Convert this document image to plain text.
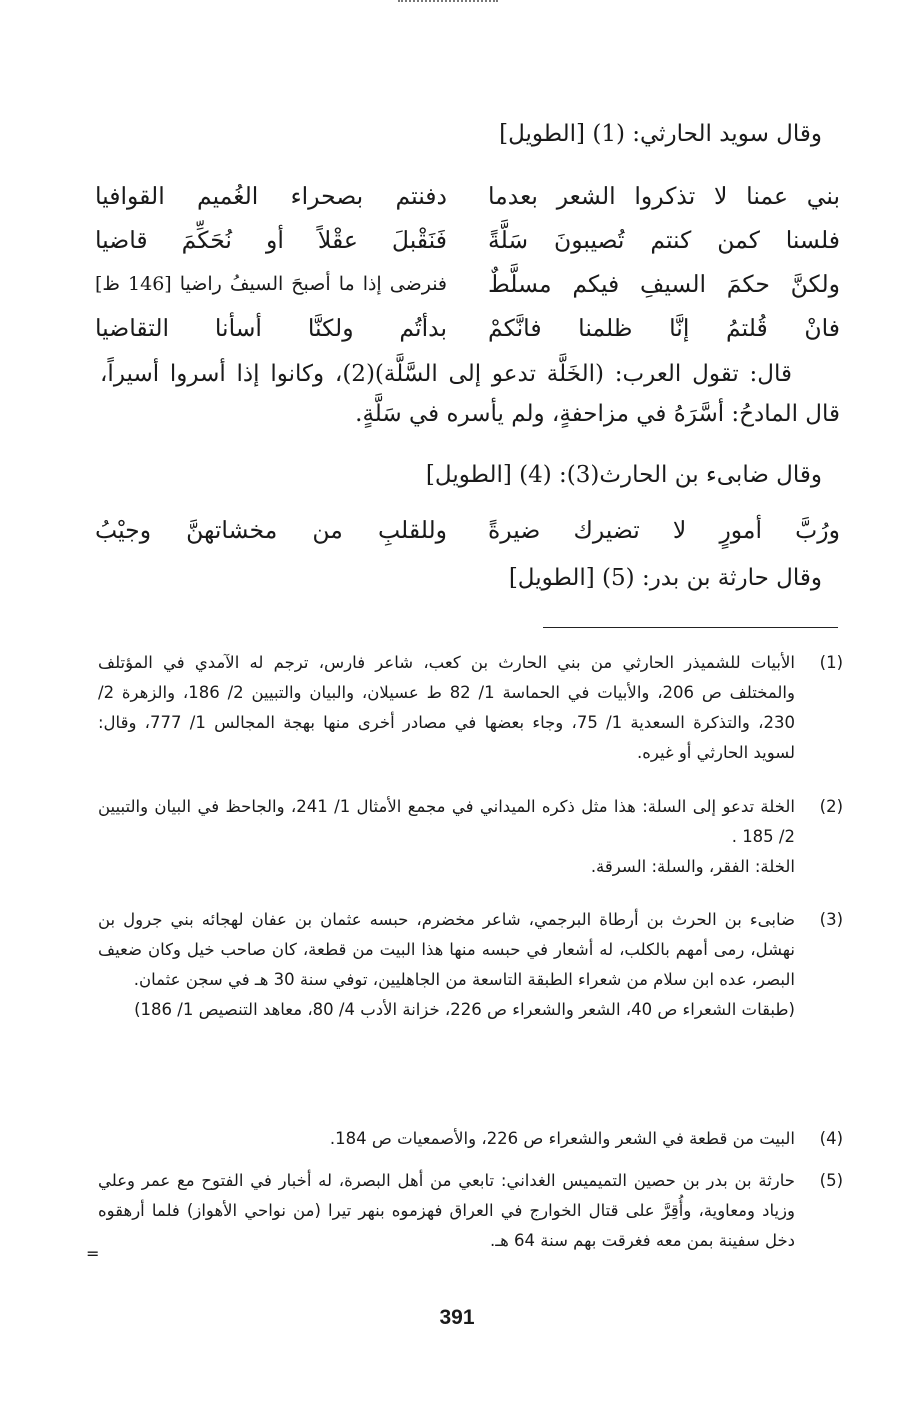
وقال سويد الحارثي: (1) [الطويل]
بني عمنا لا تذكروا الشعر بعدما
دفنتم بصحراء الغُميم القوافيا
فلسنا كمن كنتم تُصيبونَ سَلَّةً
فَنَقْبلَ عقْلاً أو نُحَكِّمَ قاضيا
ولكنَّ حكمَ السيفِ فيكم مسلَّطٌ
فنرضى إذا ما أصبحَ السيفُ راضيا [146 ظ]
فانْ قُلتمُ إنَّا ظلمنا فانَّكمْ
بدأتُم ولكنَّا أسأنا التقاضيا
قال: تقول العرب: (الخَلَّة تدعو إلى السَّلَّة)(2)، وكانوا إذا أسروا أسيراً، قال المادحُ: أسَّرَهُ في مزاحفةٍ، ولم يأسره في سَلَّةٍ.
وقال ضابىء بن الحارث(3): (4) [الطويل]
ورُبَّ أمورٍ لا تضيرك ضيرةً
وللقلبِ من مخشاتهنَّ وجيْبُ
وقال حارثة بن بدر: (5) [الطويل]
(1)

الأبيات للشميذر الحارثي من بني الحارث بن كعب، شاعر فارس، ترجم له الآمدي في المؤتلف والمختلف ص 206، والأبيات في الحماسة 1/ 82 ط عسيلان، والبيان والتبيين 2/ 186، والزهرة 2/ 230، والتذكرة السعدية 1/ 75، وجاء بعضها في مصادر أخرى منها بهجة المجالس 1/ 777، وقال: لسويد الحارثي أو غيره.

(2)

الخلة تدعو إلى السلة: هذا مثل ذكره الميداني في مجمع الأمثال 1/ 241، والجاحظ في البيان والتبيين 2/ 185 .

الخلة: الفقر، والسلة: السرقة.

(3)

ضابىء بن الحرث بن أرطاة البرجمي، شاعر مخضرم، حبسه عثمان بن عفان لهجائه بني جرول بن نهشل، رمى أمهم بالكلب، له أشعار في حبسه منها هذا البيت من قطعة، كان صاحب خيل وكان ضعيف البصر، عده ابن سلام من شعراء الطبقة التاسعة من الجاهليين، توفي سنة 30 هـ في سجن عثمان.

(طبقات الشعراء ص 40، الشعر والشعراء ص 226، خزانة الأدب 4/ 80، معاهد التنصيص 1/ 186)

(4)

البيت من قطعة في الشعر والشعراء ص 226، والأصمعيات ص 184.

(5)

حارثة بن بدر بن حصين التميميس الغداني: تابعي من أهل البصرة، له أخبار في الفتوح مع عمر وعلي وزياد ومعاوية، وأُقِرَّ على قتال الخوارج في العراق فهزموه بنهر تيرا (من نواحي الأهواز) فلما أرهقوه دخل سفينة بمن معه فغرقت بهم سنة 64 هـ.

=
391
